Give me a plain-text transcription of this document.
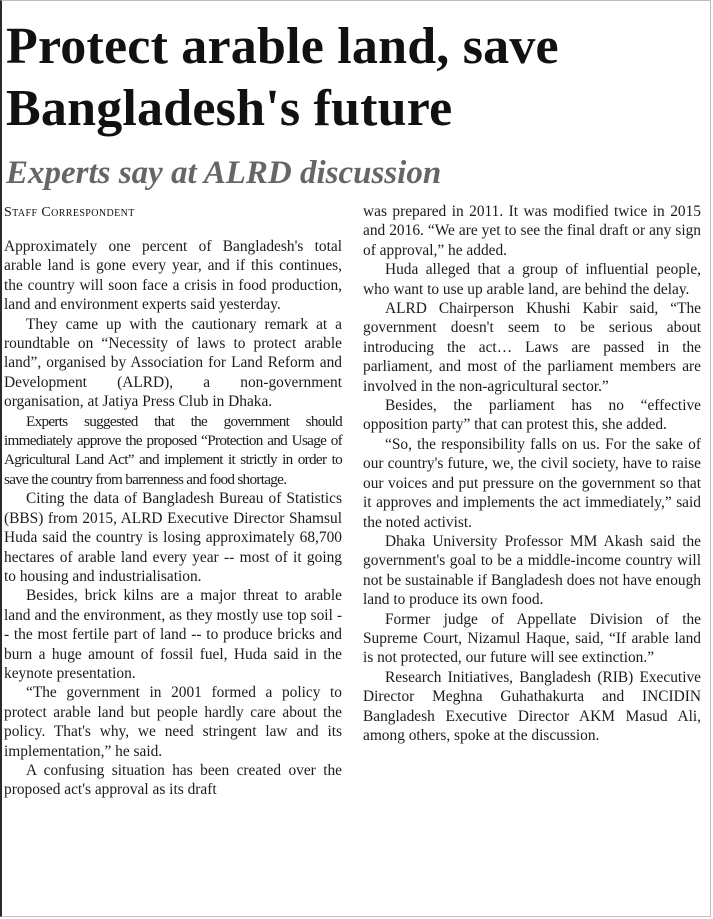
Protect arable land, save Bangladesh's future
Experts say at ALRD discussion
Staff Correspondent

Approximately one percent of Bangladesh's total arable land is gone every year, and if this continues, the country will soon face a crisis in food production, land and environment experts said yesterday.

They came up with the cautionary remark at a roundtable on “Necessity of laws to protect arable land”, organised by Association for Land Reform and Development (ALRD), a non-government organisation, at Jatiya Press Club in Dhaka.

Experts suggested that the government should immediately approve the proposed “Protection and Usage of Agricultural Land Act” and implement it strictly in order to save the country from barrenness and food shortage.

Citing the data of Bangladesh Bureau of Statistics (BBS) from 2015, ALRD Executive Director Shamsul Huda said the country is losing approximately 68,700 hectares of arable land every year -- most of it going to housing and industrialisation.

Besides, brick kilns are a major threat to arable land and the environment, as they mostly use top soil -- the most fertile part of land -- to produce bricks and burn a huge amount of fossil fuel, Huda said in the keynote presentation.

“The government in 2001 formed a policy to protect arable land but people hardly care about the policy. That's why, we need stringent law and its implementation,” he said.

A confusing situation has been created over the proposed act's approval as its draft

was prepared in 2011. It was modified twice in 2015 and 2016. “We are yet to see the final draft or any sign of approval,” he added.

Huda alleged that a group of influential people, who want to use up arable land, are behind the delay.

ALRD Chairperson Khushi Kabir said, “The government doesn't seem to be serious about introducing the act… Laws are passed in the parliament, and most of the parliament members are involved in the non-agricultural sector.”

Besides, the parliament has no “effective opposition party” that can protest this, she added.

“So, the responsibility falls on us. For the sake of our country's future, we, the civil society, have to raise our voices and put pressure on the government so that it approves and implements the act immediately,” said the noted activist.

Dhaka University Professor MM Akash said the government's goal to be a middle-income country will not be sustainable if Bangladesh does not have enough land to produce its own food.

Former judge of Appellate Division of the Supreme Court, Nizamul Haque, said, “If arable land is not protected, our future will see extinction.”

Research Initiatives, Bangladesh (RIB) Executive Director Meghna Guhathakurta and INCIDIN Bangladesh Executive Director AKM Masud Ali, among others, spoke at the discussion.
